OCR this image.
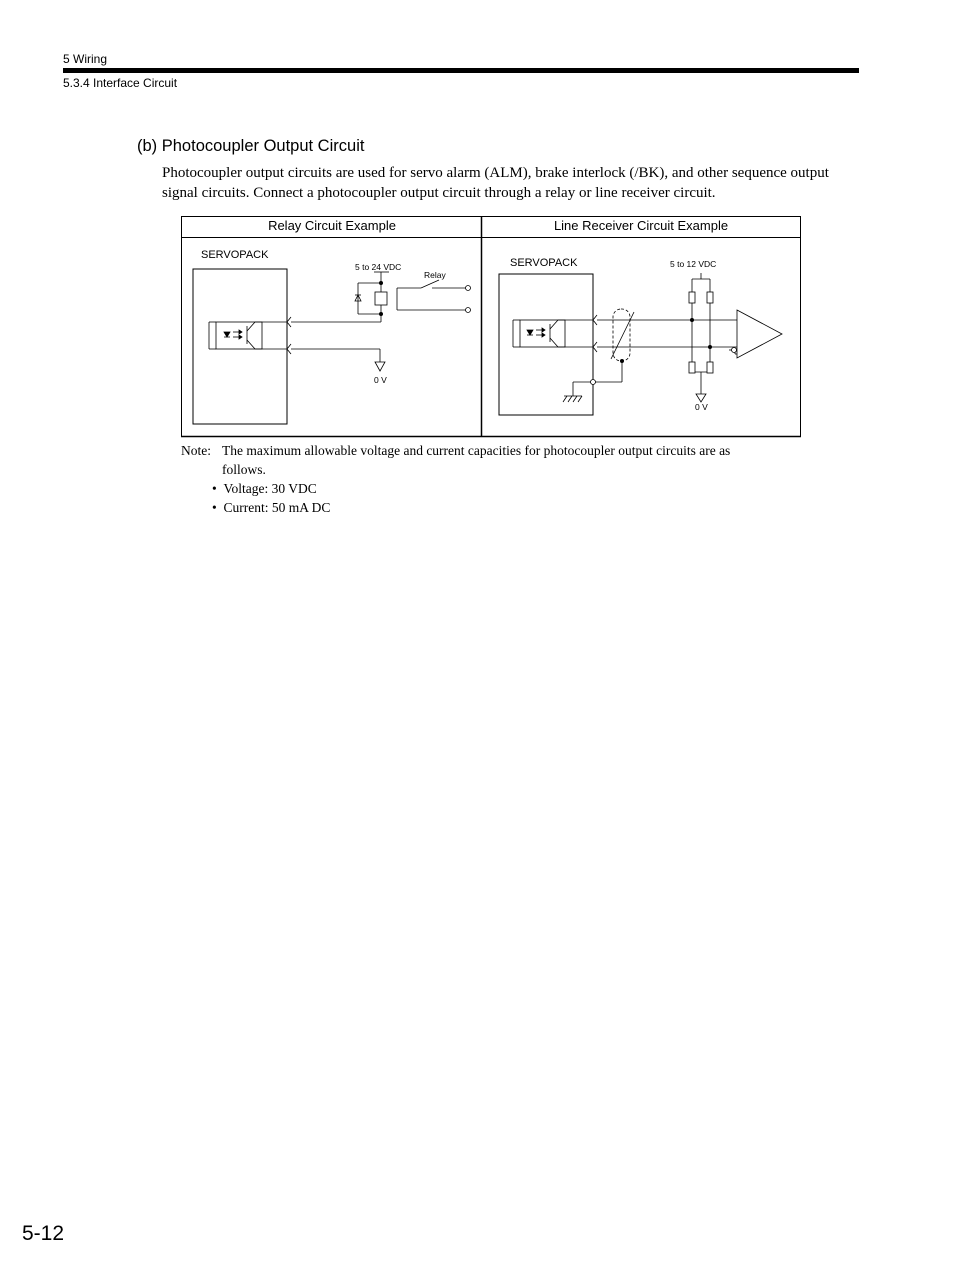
5 Wiring
5.3.4 Interface Circuit
(b) Photocoupler Output Circuit
Photocoupler output circuits are used for servo alarm (ALM), brake interlock (/BK), and other sequence output signal circuits. Connect a photocoupler output circuit through a relay or line receiver circuit.
Relay Circuit Example	Line Receiver Circuit Example
SERVOPACK
5 to 24 VDC
Relay
0 V
SERVOPACK	5 to 12 VDC
0 V
Note: The maximum allowable voltage and current capacities for photocoupler output circuits are as follows.
•  Voltage: 30 VDC
•  Current: 50 mA DC
5-12
